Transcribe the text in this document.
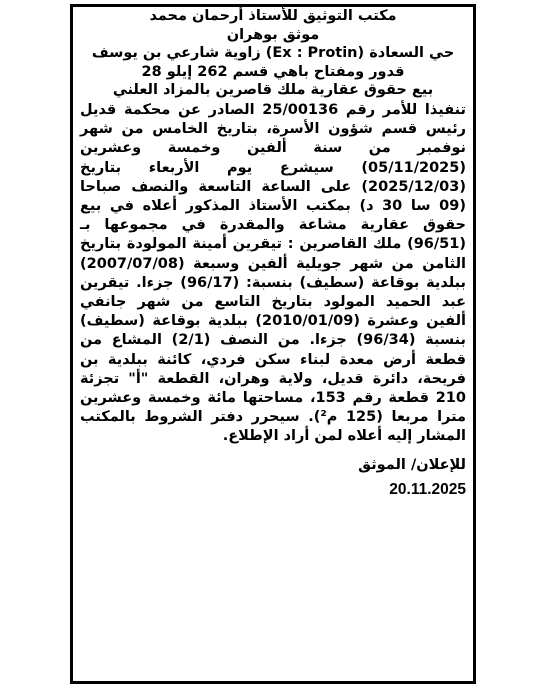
مكتب التوثيق للأستاذ أرحمان محمد

موثق بوهران

حي السعادة (Ex : Protin) زاوية شارعي بن يوسف

قدور ومفتاح باهي قسم 262 إيلو 28

بيع حقوق عقارية ملك قاصرين بالمزاد العلني

تنفيذا للأمر رقم 25/00136 الصادر عن محكمة قديل رئيس قسم شؤون الأسرة، بتاريخ الخامس من شهر نوفمبر من سنة ألفين وخمسة وعشرين (05/11/2025) سيشرع يوم الأربعاء بتاريخ (2025/12/03) على الساعة التاسعة والنصف صباحا (09 سا 30 د) بمكتب الأستاذ المذكور أعلاه في بيع حقوق عقارية مشاعة والمقدرة في مجموعها بـ (96/51) ملك القاصرين : تيقرين أمينة المولودة بتاريخ الثامن من شهر جويلية ألفين وسبعة (2007/07/08) ببلدية بوقاعة (سطيف) بنسبة: (96/17) جزءا. تيقرين عبد الحميد المولود بتاريخ التاسع من شهر جانفي ألفين وعشرة (2010/01/09) ببلدية بوقاعة (سطيف) بنسبة (96/34) جزءا. من النصف (2/1) المشاع من قطعة أرض معدة لبناء سكن فردي، كائنة ببلدية بن فريحة، دائرة قديل، ولاية وهران، القطعة "أ" تجزئة 210 قطعة رقم 153، مساحتها مائة وخمسة وعشرين مترا مربعا (125 م²). سيحرر دفتر الشروط بالمكتب المشار إليه أعلاه لمن أراد الإطلاع.

للإعلان/ الموثق

20.11.2025
